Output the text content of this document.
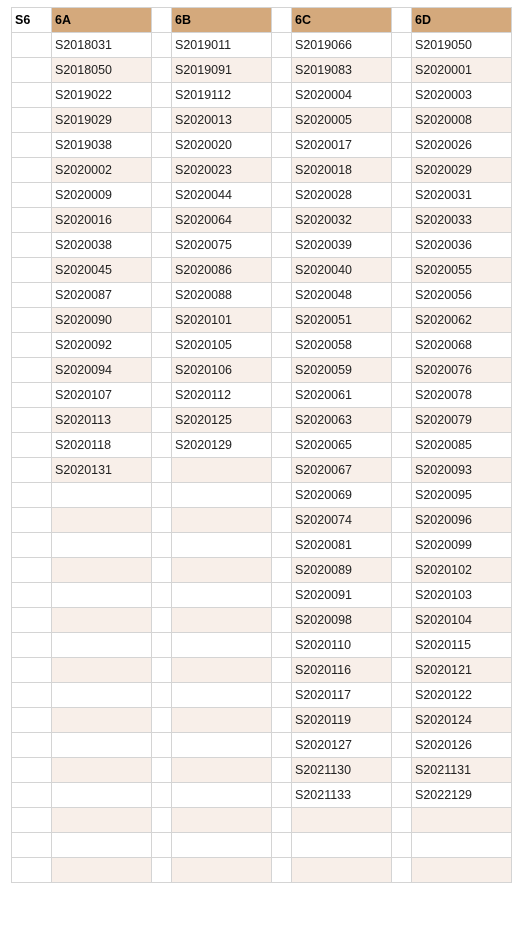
S6	6A		6B		6C		6D
	S2018031		S2019011		S2019066		S2019050
	S2018050		S2019091		S2019083		S2020001
	S2019022		S2019112		S2020004		S2020003
	S2019029		S2020013		S2020005		S2020008
	S2019038		S2020020		S2020017		S2020026
	S2020002		S2020023		S2020018		S2020029
	S2020009		S2020044		S2020028		S2020031
	S2020016		S2020064		S2020032		S2020033
	S2020038		S2020075		S2020039		S2020036
	S2020045		S2020086		S2020040		S2020055
	S2020087		S2020088		S2020048		S2020056
	S2020090		S2020101		S2020051		S2020062
	S2020092		S2020105		S2020058		S2020068
	S2020094		S2020106		S2020059		S2020076
	S2020107		S2020112		S2020061		S2020078
	S2020113		S2020125		S2020063		S2020079
	S2020118		S2020129		S2020065		S2020085
	S2020131				S2020067		S2020093
					S2020069		S2020095
					S2020074		S2020096
					S2020081		S2020099
					S2020089		S2020102
					S2020091		S2020103
					S2020098		S2020104
					S2020110		S2020115
					S2020116		S2020121
					S2020117		S2020122
					S2020119		S2020124
					S2020127		S2020126
					S2021130		S2021131
					S2021133		S2022129
